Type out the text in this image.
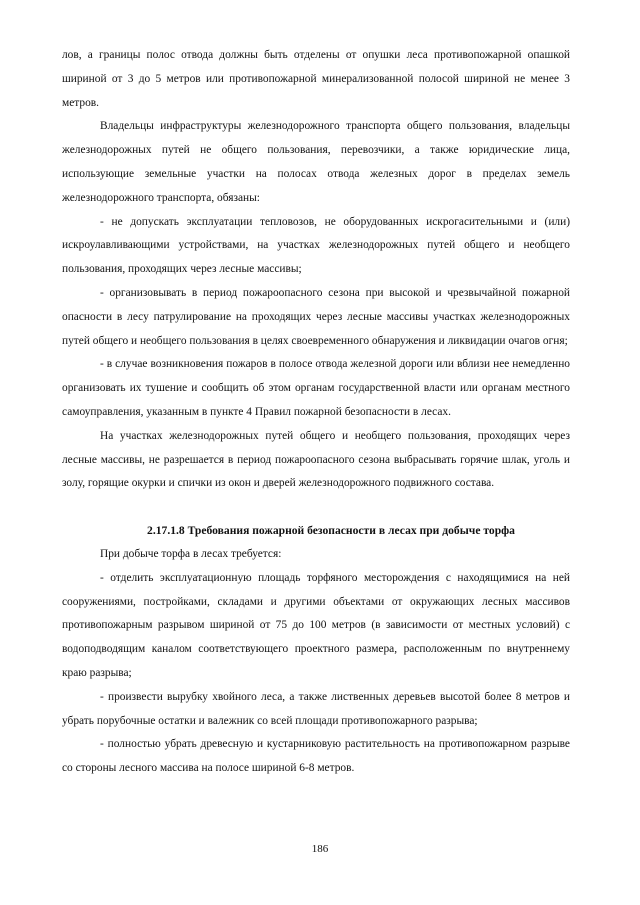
лов, а границы полос отвода должны быть отделены от опушки леса противопожарной опашкой шириной от 3 до 5 метров или противопожарной минерализованной полосой шириной не менее 3 метров.

Владельцы инфраструктуры железнодорожного транспорта общего пользования, владельцы железнодорожных путей не общего пользования, перевозчики, а также юридические лица, использующие земельные участки на полосах отвода железных дорог в пределах земель железнодорожного транспорта, обязаны:

- не допускать эксплуатации тепловозов, не оборудованных искрогасительными и (или) искроулавливающими устройствами, на участках железнодорожных путей общего и необщего пользования, проходящих через лесные массивы;

- организовывать в период пожароопасного сезона при высокой и чрезвычайной пожарной опасности в лесу патрулирование на проходящих через лесные массивы участках железнодорожных путей общего и необщего пользования в целях своевременного обнаружения и ликвидации очагов огня;

- в случае возникновения пожаров в полосе отвода железной дороги или вблизи нее немедленно организовать их тушение и сообщить об этом органам государственной власти или органам местного самоуправления, указанным в пункте 4 Правил пожарной безопасности в лесах.

На участках железнодорожных путей общего и необщего пользования, проходящих через лесные массивы, не разрешается в период пожароопасного сезона выбрасывать горячие шлак, уголь и золу, горящие окурки и спички из окон и дверей железнодорожного подвижного состава.

2.17.1.8 Требования пожарной безопасности в лесах при добыче торфа

При добыче торфа в лесах требуется:

- отделить эксплуатационную площадь торфяного месторождения с находящимися на ней сооружениями, постройками, складами и другими объектами от окружающих лесных массивов противопожарным разрывом шириной от 75 до 100 метров (в зависимости от местных условий) с водоподводящим каналом соответствующего проектного размера, расположенным по внутреннему краю разрыва;

- произвести вырубку хвойного леса, а также лиственных деревьев высотой более 8 метров и убрать порубочные остатки и валежник со всей площади противопожарного разрыва;

- полностью убрать древесную и кустарниковую растительность на противопожарном разрыве со стороны лесного массива на полосе шириной 6-8 метров.

186
